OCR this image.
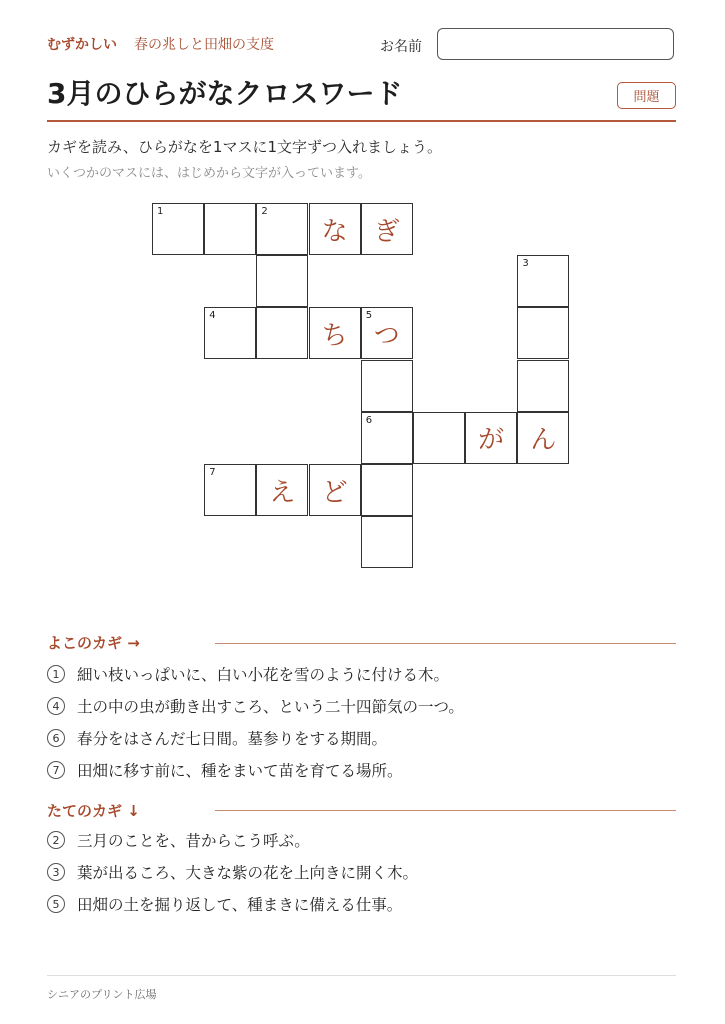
むずかしい 春の兆しと田畑の支度	お名前
3月のひらがなクロスワード	問題
カギを読み、ひらがなを1マスに1文字ずつ入れましょう。
いくつかのマスには、はじめから文字が入っています。
1	2
な	ぎ
3
4
ち
5
つ
6
が	ん
7
え	ど
よこのカギ →
1	細い枝いっぱいに、白い小花を雪のように付ける木。
4	土の中の虫が動き出すころ、という二十四節気の一つ。
6	春分をはさんだ七日間。墓参りをする期間。
7	田畑に移す前に、種をまいて苗を育てる場所。
たてのカギ ↓
2	三月のことを、昔からこう呼ぶ。
3	葉が出るころ、大きな紫の花を上向きに開く木。
5	田畑の土を掘り返して、種まきに備える仕事。
シニアのプリント広場
